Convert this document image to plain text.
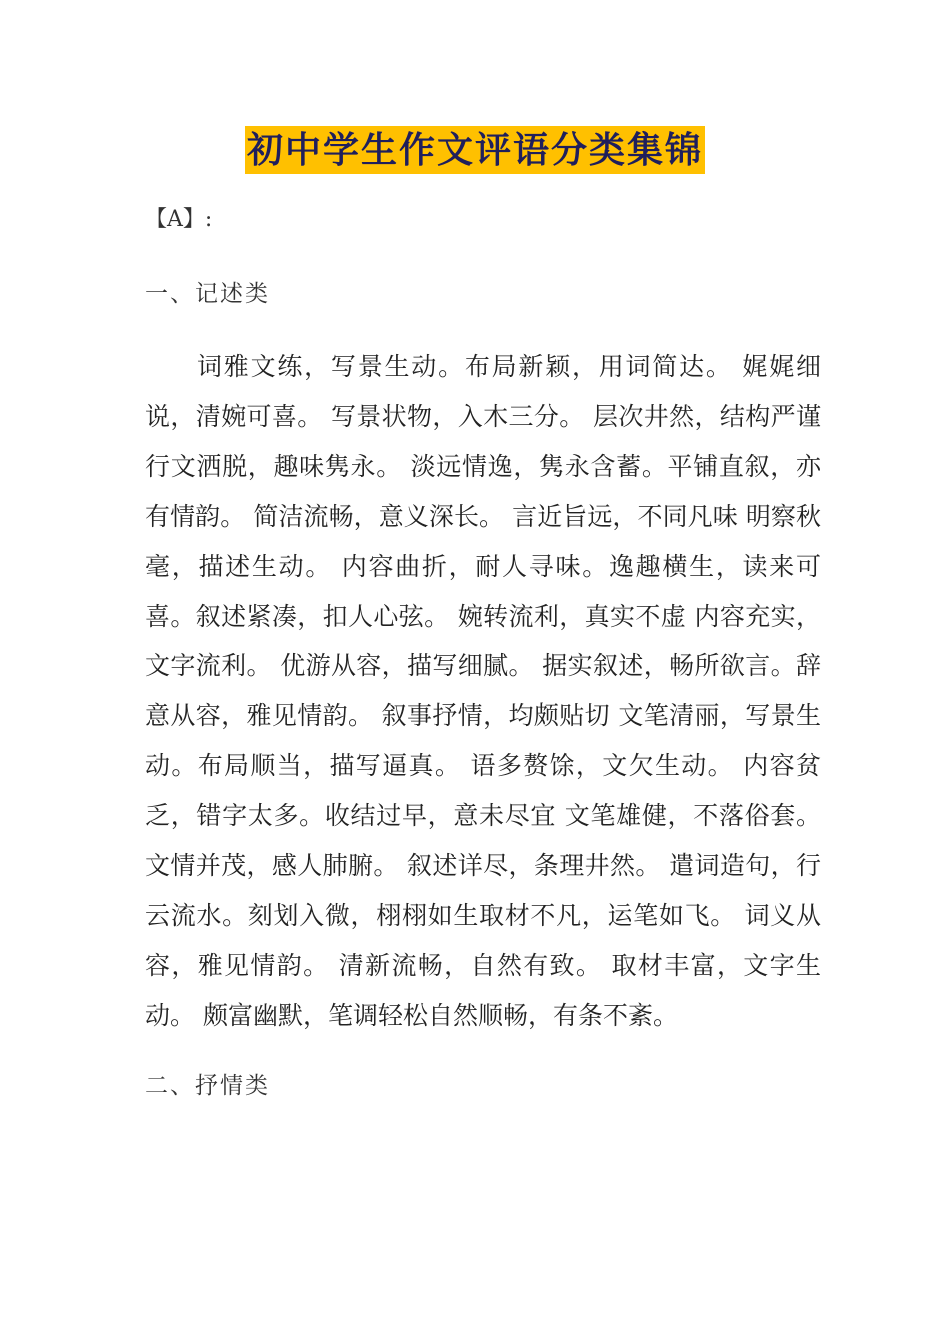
初中学生作文评语分类集锦
【A】:
一、记述类

词雅文练，写景生动。布局新颖，用词简达。 娓娓细说，清婉可喜。 写景状物，入木三分。 层次井然，结构严谨行文洒脱，趣味隽永。 淡远情逸，隽永含蓄。平铺直叙，亦有情韵。 简洁流畅，意义深长。 言近旨远，不同凡味 明察秋毫，描述生动。 内容曲折，耐人寻味。逸趣横生，读来可喜。叙述紧凑，扣人心弦。 婉转流利，真实不虚 内容充实，文字流利。 优游从容，描写细腻。 据实叙述，畅所欲言。辞意从容，雅见情韵。 叙事抒情，均颇贴切 文笔清丽，写景生动。布局顺当，描写逼真。 语多赘馀，文欠生动。 内容贫乏，错字太多。收结过早，意未尽宜 文笔雄健，不落俗套。 文情并茂，感人肺腑。 叙述详尽，条理井然。 遣词造句，行云流水。刻划入微，栩栩如生取材不凡，运笔如飞。 词义从容，雅见情韵。 清新流畅，自然有致。 取材丰富，文字生动。 颇富幽默，笔调轻松自然顺畅，有条不紊。

二、抒情类
